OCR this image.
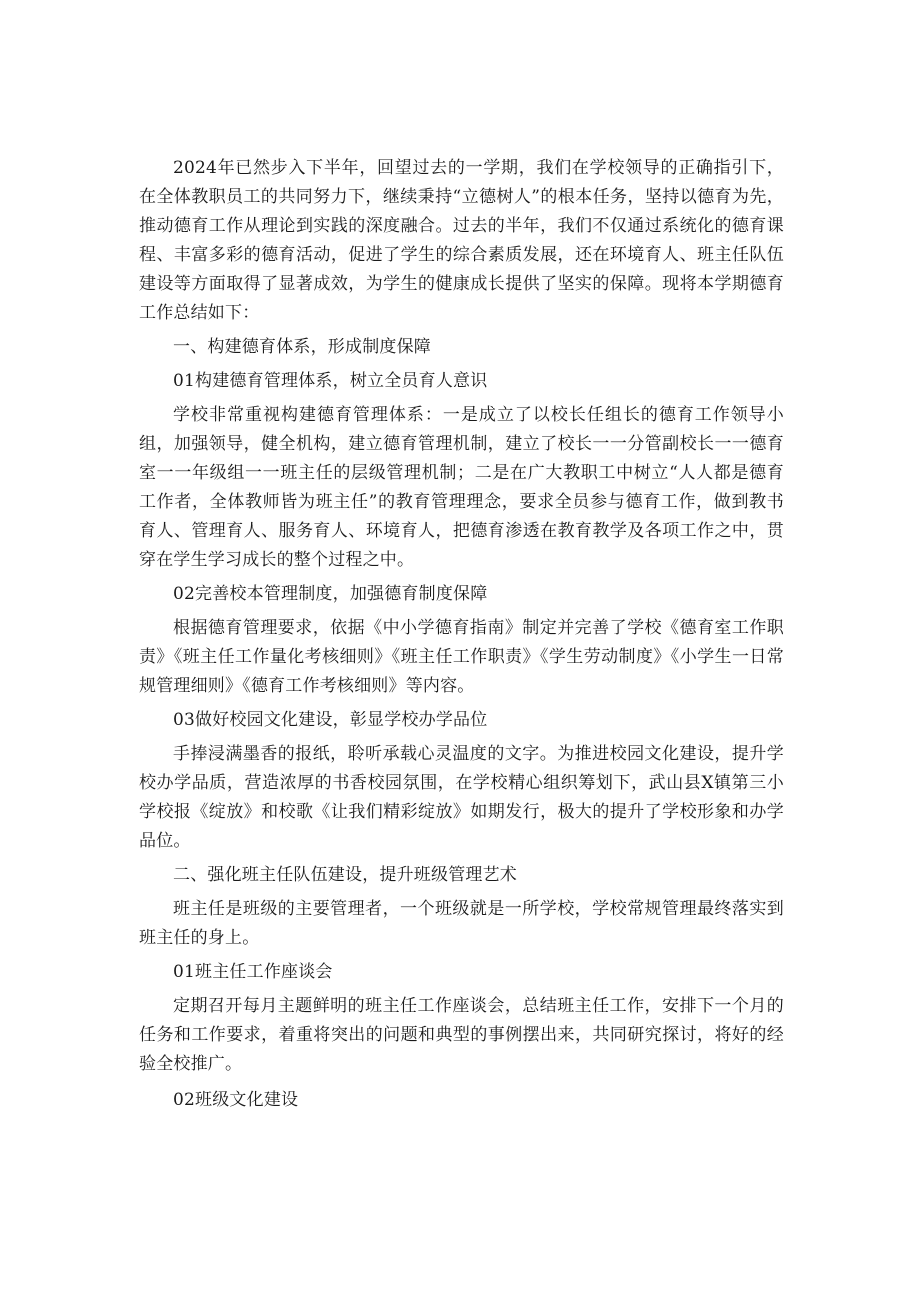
2024年已然步入下半年，回望过去的一学期，我们在学校领导的正确指引下，在全体教职员工的共同努力下，继续秉持“立德树人”的根本任务，坚持以德育为先，推动德育工作从理论到实践的深度融合。过去的半年，我们不仅通过系统化的德育课程、丰富多彩的德育活动，促进了学生的综合素质发展，还在环境育人、班主任队伍建设等方面取得了显著成效，为学生的健康成长提供了坚实的保障。现将本学期德育工作总结如下：

一、构建德育体系，形成制度保障

01构建德育管理体系，树立全员育人意识

学校非常重视构建德育管理体系：一是成立了以校长任组长的德育工作领导小组，加强领导，健全机构，建立德育管理机制，建立了校长一一分管副校长一一德育室一一年级组一一班主任的层级管理机制；二是在广大教职工中树立“人人都是德育工作者，全体教师皆为班主任”的教育管理理念，要求全员参与德育工作，做到教书育人、管理育人、服务育人、环境育人，把德育渗透在教育教学及各项工作之中，贯穿在学生学习成长的整个过程之中。

02完善校本管理制度，加强德育制度保障

根据德育管理要求，依据《中小学德育指南》制定并完善了学校《德育室工作职责》《班主任工作量化考核细则》《班主任工作职责》《学生劳动制度》《小学生一日常规管理细则》《德育工作考核细则》等内容。

03做好校园文化建设，彰显学校办学品位

手捧浸满墨香的报纸，聆听承载心灵温度的文字。为推进校园文化建设，提升学校办学品质，营造浓厚的书香校园氛围，在学校精心组织筹划下，武山县X镇第三小学校报《绽放》和校歌《让我们精彩绽放》如期发行，极大的提升了学校形象和办学品位。

二、强化班主任队伍建设，提升班级管理艺术

班主任是班级的主要管理者，一个班级就是一所学校，学校常规管理最终落实到班主任的身上。

01班主任工作座谈会

定期召开每月主题鲜明的班主任工作座谈会，总结班主任工作，安排下一个月的任务和工作要求，着重将突出的问题和典型的事例摆出来，共同研究探讨，将好的经验全校推广。

02班级文化建设
